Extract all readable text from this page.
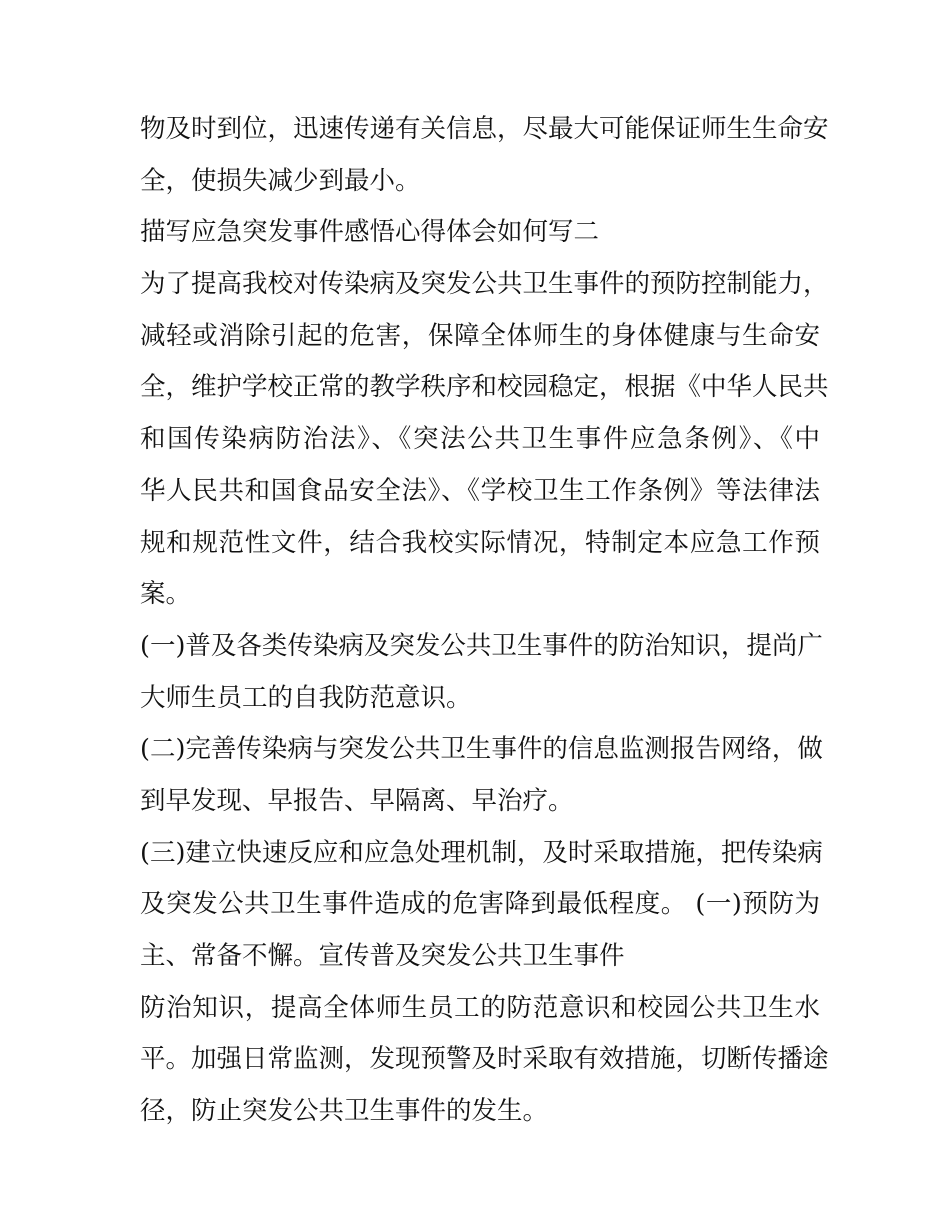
物及时到位，迅速传递有关信息，尽最大可能保证师生生命安
全，使损失减少到最小。
描写应急突发事件感悟心得体会如何写二
为了提高我校对传染病及突发公共卫生事件的预防控制能力，
减轻或消除引起的危害，保障全体师生的身体健康与生命安
全，维护学校正常的教学秩序和校园稳定，根据《中华人民共
和国传染病防治法》、《突法公共卫生事件应急条例》、《中
华人民共和国食品安全法》、《学校卫生工作条例》等法律法
规和规范性文件，结合我校实际情况，特制定本应急工作预
案。
(一)普及各类传染病及突发公共卫生事件的防治知识，提尚广
大师生员工的自我防范意识。
(二)完善传染病与突发公共卫生事件的信息监测报告网络，做
到早发现、早报告、早隔离、早治疗。
(三)建立快速反应和应急处理机制，及时采取措施，把传染病
及突发公共卫生事件造成的危害降到最低程度。 (一)预防为
主、常备不懈。宣传普及突发公共卫生事件
防治知识，提高全体师生员工的防范意识和校园公共卫生水
平。加强日常监测，发现预警及时采取有效措施，切断传播途
径，防止突发公共卫生事件的发生。
